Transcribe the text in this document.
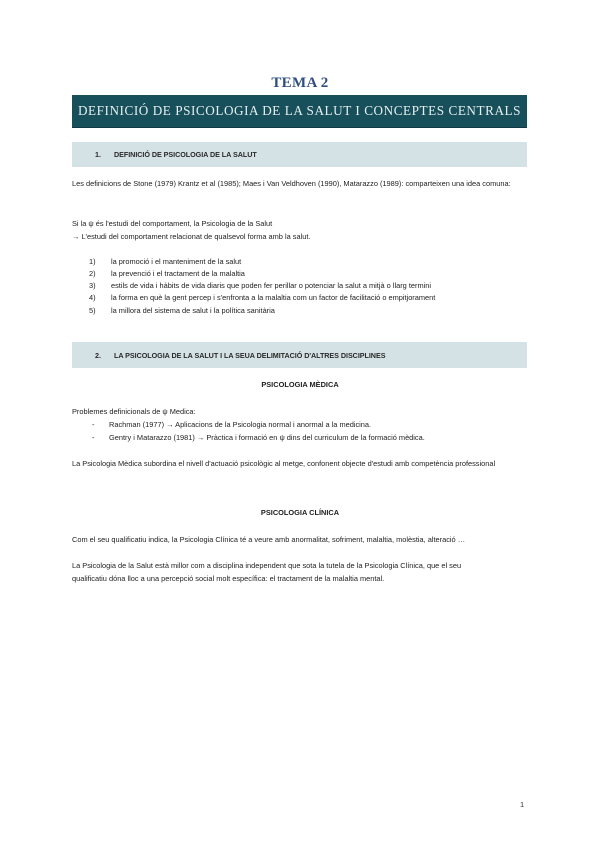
TEMA 2
DEFINICIÓ DE PSICOLOGIA DE LA SALUT I CONCEPTES CENTRALS
1. DEFINICIÓ DE PSICOLOGIA DE LA SALUT
Les definicions de Stone (1979) Krantz et al (1985); Maes i Van Veldhoven (1990), Matarazzo (1989): comparteixen una idea comuna:
Si la ψ és l'estudi del comportament, la Psicologia de la Salut
→ L'estudi del comportament relacionat de qualsevol forma amb la salut.
1) la promoció i el manteniment de la salut
2) la prevenció i el tractament de la malaltia
3) estils de vida i hàbits de vida diaris que poden fer perillar o potenciar la salut a mitjà o llarg termini
4) la forma en què la gent percep i s'enfronta a la malaltia com un factor de facilitació o empitjorament
5) la millora del sistema de salut i la política sanitària
2. LA PSICOLOGIA DE LA SALUT I LA SEUA DELIMITACIÓ D'ALTRES DISCIPLINES
PSICOLOGIA MÈDICA
Problemes definicionals de ψ Medica:
- Rachman (1977) → Aplicacions de la Psicologia normal i anormal a la medicina.
- Gentry i Matarazzo (1981) → Pràctica i formació en ψ dins del curriculum de la formació mèdica.
La Psicologia Mèdica subordina el nivell d'actuació psicològic al metge, confonent objecte d'estudi amb competència professional
PSICOLOGIA CLÍNICA
Com el seu qualificatiu indica, la Psicologia Clínica té a veure amb anormalitat, sofriment, malaltia, molèstia, alteració …
La Psicologia de la Salut està millor com a disciplina independent que sota la tutela de la Psicologia Clínica, que el seu
qualificatiu dóna lloc a una percepció social molt específica: el tractament de la malaltia mental.
1
